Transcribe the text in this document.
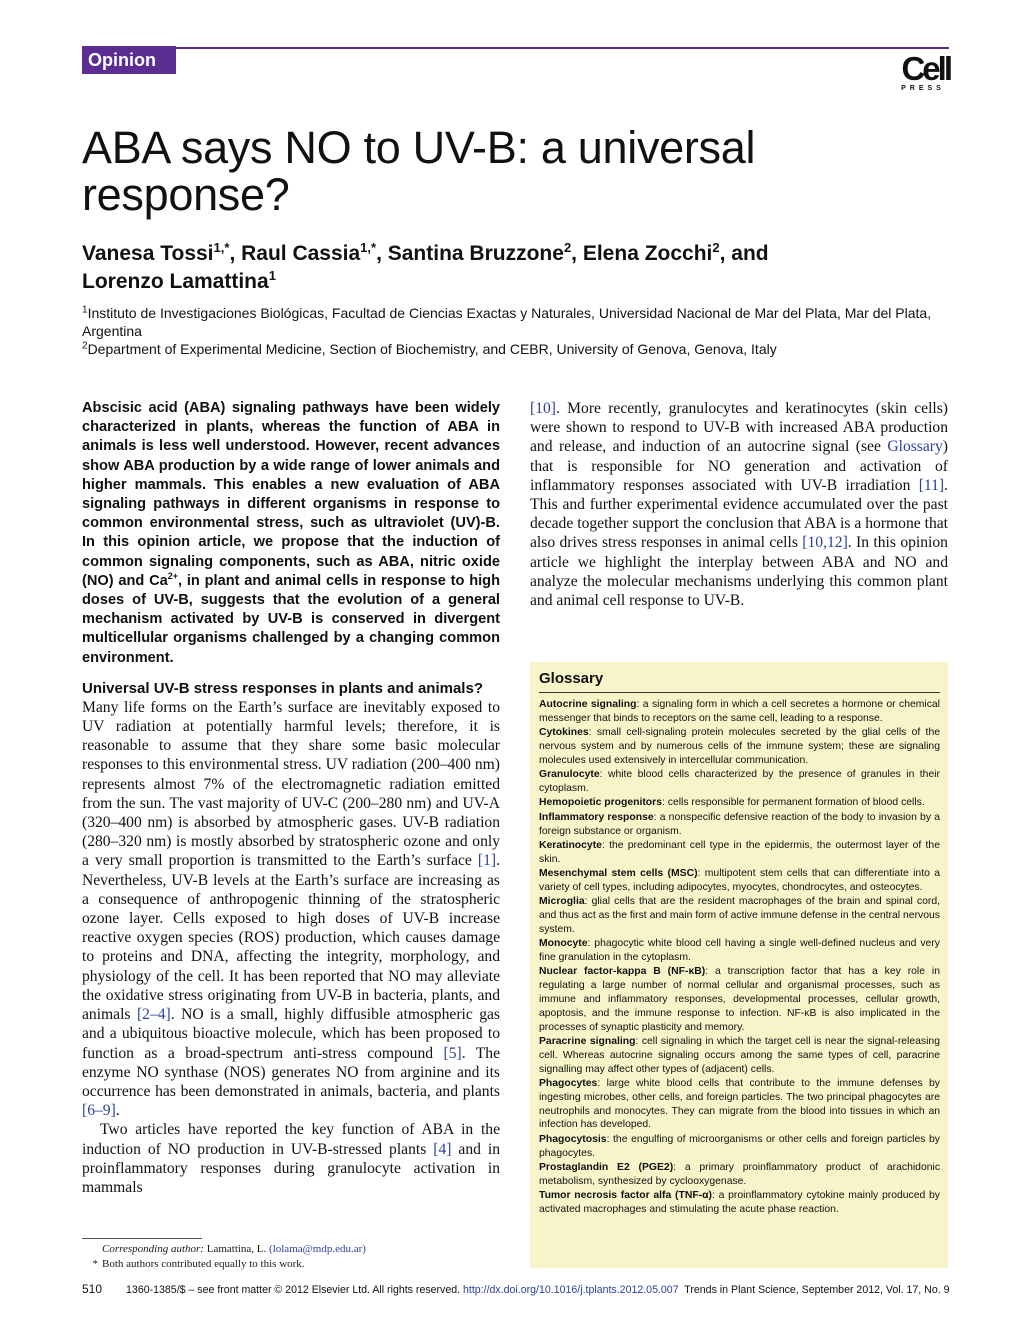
Opinion	Cell
PRESS
ABA says NO to UV-B: a universal response?
Vanesa Tossi$^{1,*}$, Raul Cassia$^{1,*}$, Santina Bruzzone$^2$, Elena Zocchi$^2$, and
Lorenzo Lamattina$^1$

$^1$Instituto de Investigaciones Biológicas, Facultad de Ciencias Exactas y Naturales, Universidad Nacional de Mar del Plata, Mar del Plata, Argentina

$^2$Department of Experimental Medicine, Section of Biochemistry, and CEBR, University of Genova, Genova, Italy

Abscisic acid (ABA) signaling pathways have been widely characterized in plants, whereas the function of ABA in animals is less well understood. However, recent advances show ABA production by a wide range of lower animals and higher mammals. This enables a new evaluation of ABA signaling pathways in different organisms in response to common environmental stress, such as ultraviolet (UV)-B. In this opinion article, we propose that the induction of common signaling components, such as ABA, nitric oxide (NO) and $Ca^{2+}$, in plant and animal cells in response to high doses of UV-B, suggests that the evolution of a general mechanism activated by UV-B is conserved in divergent multicellular organisms challenged by a changing common environment.

Universal UV-B stress responses in plants and animals?

Many life forms on the Earth’s surface are inevitably exposed to UV radiation at potentially harmful levels; therefore, it is reasonable to assume that they share some basic molecular responses to this environmental stress. UV radiation (200–400 nm) represents almost 7% of the electromagnetic radiation emitted from the sun. The vast majority of UV-C (200–280 nm) and UV-A (320–400 nm) is absorbed by atmospheric gases. UV-B radiation (280–320 nm) is mostly absorbed by stratospheric ozone and only a very small proportion is transmitted to the Earth’s surface [1]. Nevertheless, UV-B levels at the Earth’s surface are increasing as a consequence of anthropogenic thinning of the stratospheric ozone layer. Cells exposed to high doses of UV-B increase reactive oxygen species (ROS) production, which causes damage to proteins and DNA, affecting the integrity, morphology, and physiology of the cell. It has been reported that NO may alleviate the oxidative stress originating from UV-B in bacteria, plants, and animals [2–4]. NO is a small, highly diffusible atmospheric gas and a ubiquitous bioactive molecule, which has been proposed to function as a broad-spectrum anti-stress compound [5]. The enzyme NO synthase (NOS) generates NO from arginine and its occurrence has been demonstrated in animals, bacteria, and plants [6–9].

Two articles have reported the key function of ABA in the induction of NO production in UV-B-stressed plants [4] and in proinflammatory responses during granulocyte activation in mammals

[10]. More recently, granulocytes and keratinocytes (skin cells) were shown to respond to UV-B with increased ABA production and release, and induction of an autocrine signal (see Glossary) that is responsible for NO generation and activation of inflammatory responses associated with UV-B irradiation [11]. This and further experimental evidence accumulated over the past decade together support the conclusion that ABA is a hormone that also drives stress responses in animal cells [10,12]. In this opinion article we highlight the interplay between ABA and NO and analyze the molecular mechanisms underlying this common plant and animal cell response to UV-B.

Glossary

Autocrine signaling: a signaling form in which a cell secretes a hormone or chemical messenger that binds to receptors on the same cell, leading to a response.

Cytokines: small cell-signaling protein molecules secreted by the glial cells of the nervous system and by numerous cells of the immune system; these are signaling molecules used extensively in intercellular communication.

Granulocyte: white blood cells characterized by the presence of granules in their cytoplasm.

Hemopoietic progenitors: cells responsible for permanent formation of blood cells.

Inflammatory response: a nonspecific defensive reaction of the body to invasion by a foreign substance or organism.

Keratinocyte: the predominant cell type in the epidermis, the outermost layer of the skin.

Mesenchymal stem cells (MSC): multipotent stem cells that can differentiate into a variety of cell types, including adipocytes, myocytes, chondrocytes, and osteocytes.

Microglia: glial cells that are the resident macrophages of the brain and spinal cord, and thus act as the first and main form of active immune defense in the central nervous system.

Monocyte: phagocytic white blood cell having a single well-defined nucleus and very fine granulation in the cytoplasm.

Nuclear factor-kappa B (NF-κB): a transcription factor that has a key role in regulating a large number of normal cellular and organismal processes, such as immune and inflammatory responses, developmental processes, cellular growth, apoptosis, and the immune response to infection. NF-κB is also implicated in the processes of synaptic plasticity and memory.

Paracrine signaling: cell signaling in which the target cell is near the signal-releasing cell. Whereas autocrine signaling occurs among the same types of cell, paracrine signalling may affect other types of (adjacent) cells.

Phagocytes: large white blood cells that contribute to the immune defenses by ingesting microbes, other cells, and foreign particles. The two principal phagocytes are neutrophils and monocytes. They can migrate from the blood into tissues in which an infection has developed.

Phagocytosis: the engulfing of microorganisms or other cells and foreign particles by phagocytes.

Prostaglandin E2 (PGE2): a primary proinflammatory product of arachidonic metabolism, synthesized by cyclooxygenase.

Tumor necrosis factor alfa (TNF-α): a proinflammatory cytokine mainly produced by activated macrophages and stimulating the acute phase reaction.

Corresponding author: Lamattina, L. (lolama@mdp.edu.ar)

* Both authors contributed equally to this work.

510 1360-1385/$ – see front matter © 2012 Elsevier Ltd. All rights reserved. http://dx.doi.org/10.1016/j.tplants.2012.05.007  Trends in Plant Science, September 2012, Vol. 17, No. 9
